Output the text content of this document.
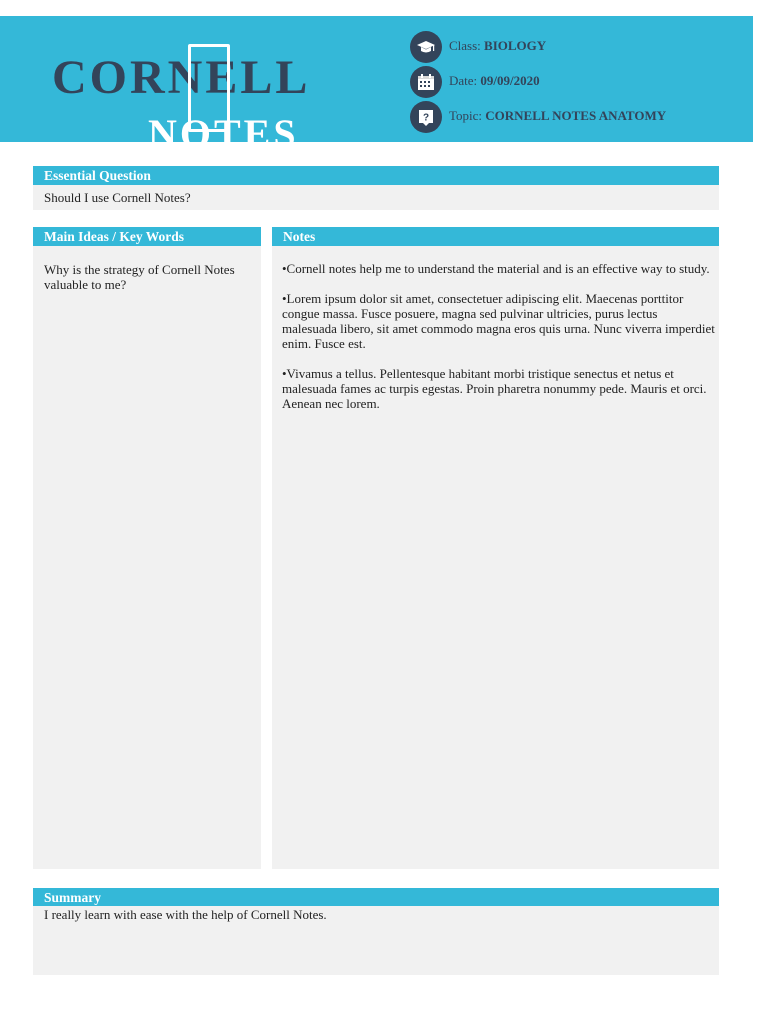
CORNELL
NOTES
Class: BIOLOGY
Date: 09/09/2020
? Topic: CORNELL NOTES ANATOMY
Essential Question
Should I use Cornell Notes?
Main Ideas / Key Words
Why is the strategy of Cornell Notes valuable to me?
Notes

•Cornell notes help me to understand the material and is an effective way to study.

•Lorem ipsum dolor sit amet, consectetuer adipiscing elit. Maecenas porttitor congue massa. Fusce posuere, magna sed pulvinar ultricies, purus lectus malesuada libero, sit amet commodo magna eros quis urna. Nunc viverra imperdiet enim. Fusce est.

•Vivamus a tellus. Pellentesque habitant morbi tristique senectus et netus et malesuada fames ac turpis egestas. Proin pharetra nonummy pede. Mauris et orci. Aenean nec lorem.

Summary
I really learn with ease with the help of Cornell Notes.
